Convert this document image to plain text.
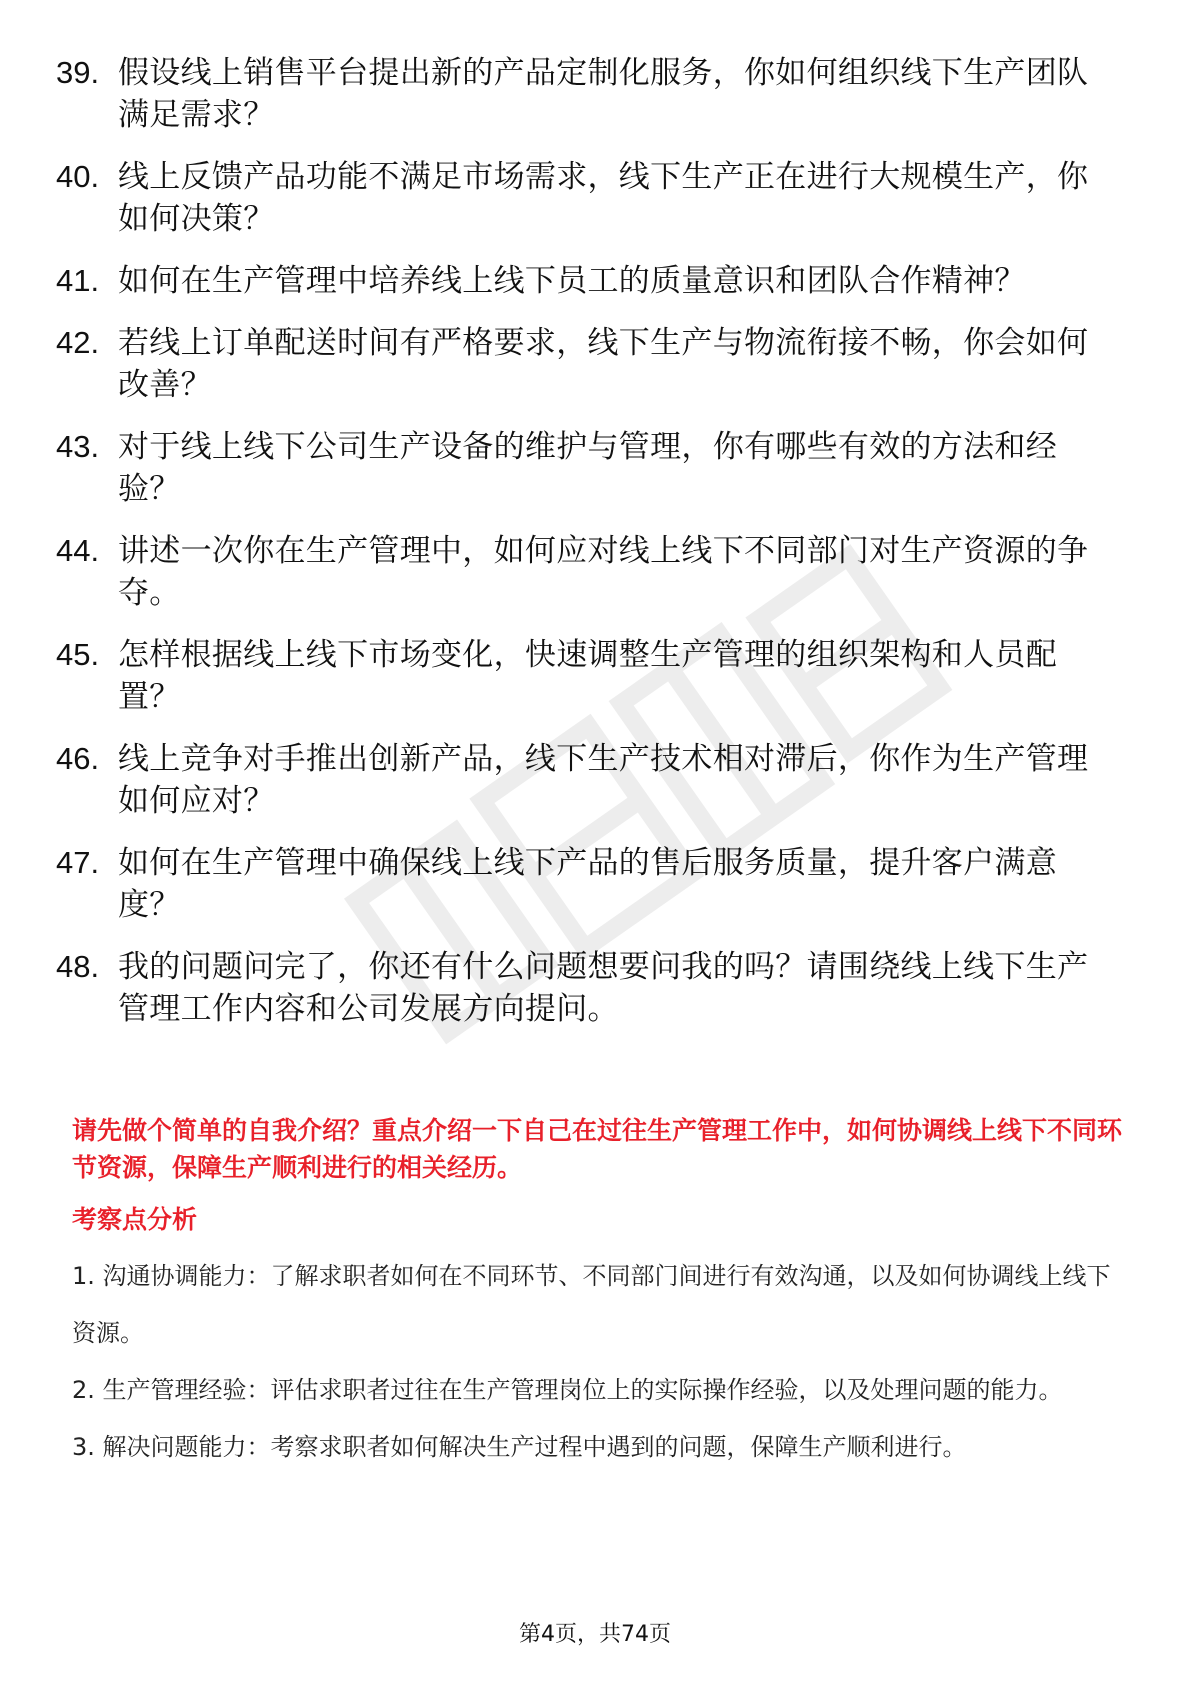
39. 假设线上销售平台提出新的产品定制化服务，你如何组织线下生产团队满足需求？
40. 线上反馈产品功能不满足市场需求，线下生产正在进行大规模生产，你如何决策？
41. 如何在生产管理中培养线上线下员工的质量意识和团队合作精神？
42. 若线上订单配送时间有严格要求，线下生产与物流衔接不畅，你会如何改善？
43. 对于线上线下公司生产设备的维护与管理，你有哪些有效的方法和经验？
44. 讲述一次你在生产管理中，如何应对线上线下不同部门对生产资源的争夺。
45. 怎样根据线上线下市场变化，快速调整生产管理的组织架构和人员配置？
46. 线上竞争对手推出创新产品，线下生产技术相对滞后，你作为生产管理如何应对？
47. 如何在生产管理中确保线上线下产品的售后服务质量，提升客户满意度？
48. 我的问题问完了，你还有什么问题想要问我的吗？请围绕线上线下生产管理工作内容和公司发展方向提问。
请先做个简单的自我介绍？重点介绍一下自己在过往生产管理工作中，如何协调线上线下不同环节资源，保障生产顺利进行的相关经历。
考察点分析

1. 沟通协调能力：了解求职者如何在不同环节、不同部门间进行有效沟通，以及如何协调线上线下资源。

2. 生产管理经验：评估求职者过往在生产管理岗位上的实际操作经验，以及处理问题的能力。

3. 解决问题能力：考察求职者如何解决生产过程中遇到的问题，保障生产顺利进行。

第4页，共74页
